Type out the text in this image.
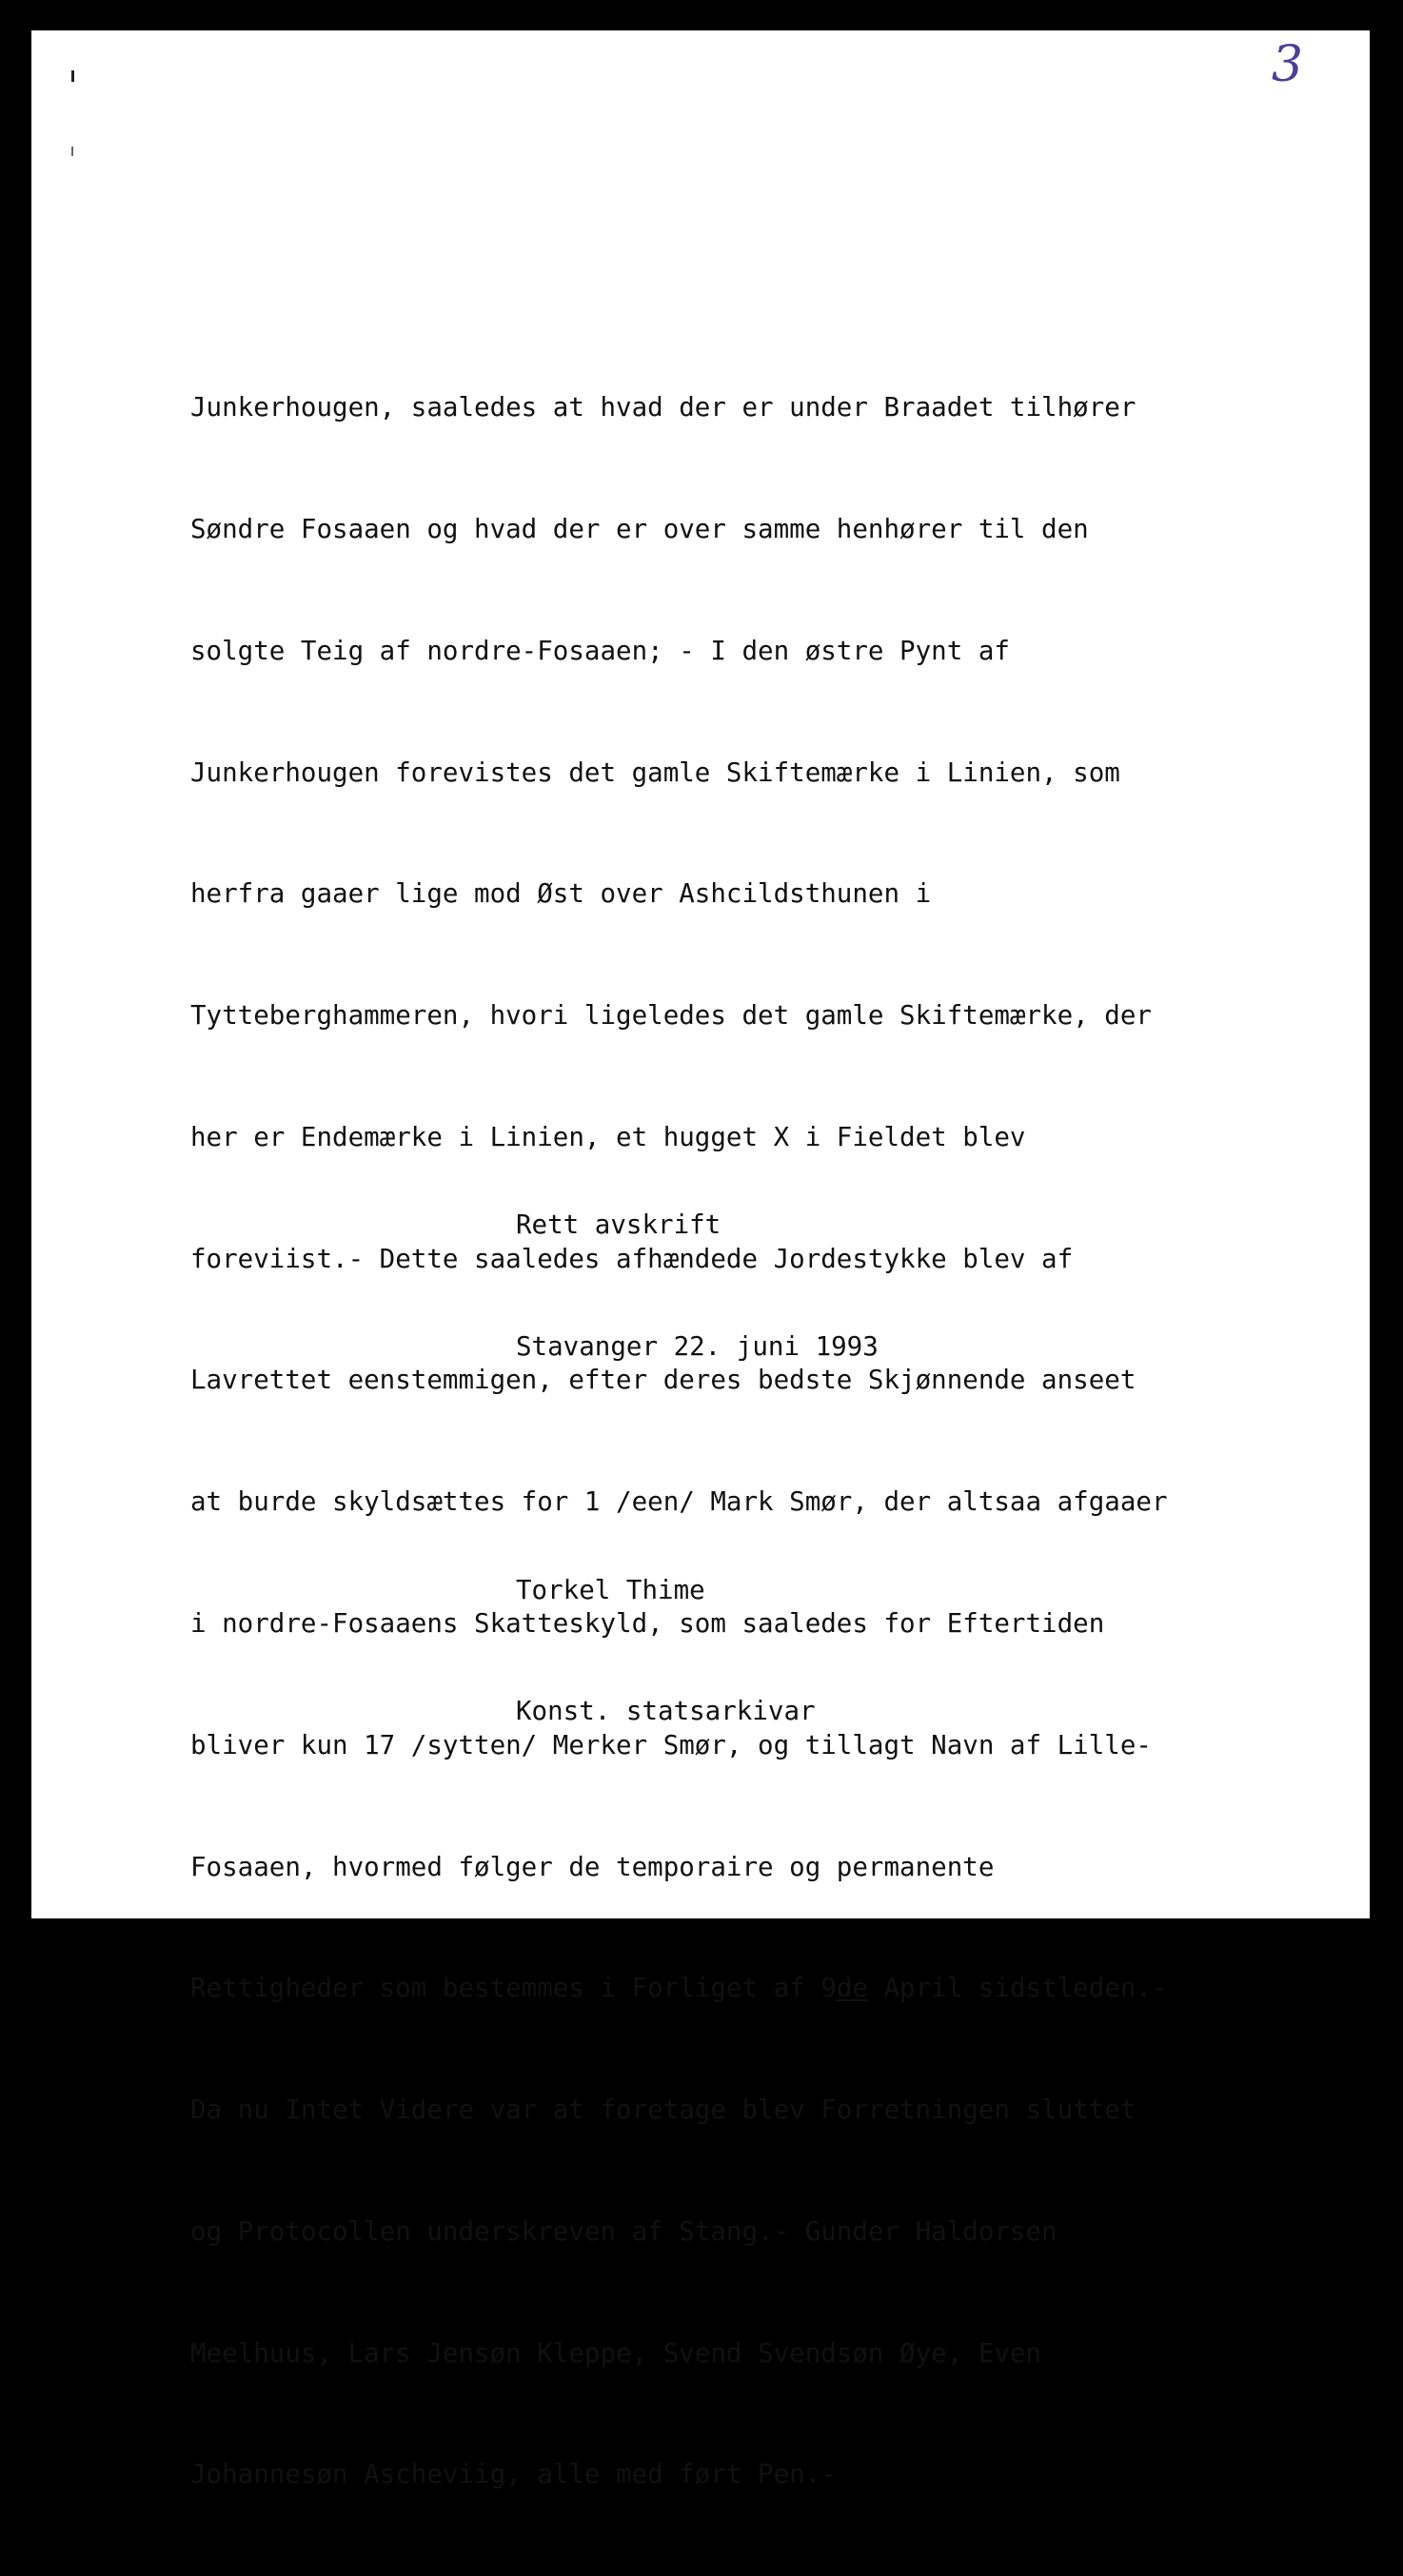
3

Junkerhougen, saaledes at hvad der er under Braadet tilhører

Søndre Fosaaen og hvad der er over samme henhører til den

solgte Teig af nordre-Fosaaen; - I den østre Pynt af

Junkerhougen forevistes det gamle Skiftemærke i Linien, som

herfra gaaer lige mod Øst over Ashcildsthunen i

Tytteberghammeren, hvori ligeledes det gamle Skiftemærke, der

her er Endemærke i Linien, et hugget X i Fieldet blev

foreviist.- Dette saaledes afhændede Jordestykke blev af

Lavrettet eenstemmigen, efter deres bedste Skjønnende anseet

at burde skyldsættes for 1 /een/ Mark Smør, der altsaa afgaaer

i nordre-Fosaaens Skatteskyld, som saaledes for Eftertiden

bliver kun 17 /sytten/ Merker Smør, og tillagt Navn af Lille-

Fosaaen, hvormed følger de temporaire og permanente

Rettigheder som bestemmes i Forliget af 9de April sidstleden.-

Da nu Intet Videre var at foretage blev Forretningen sluttet

og Protocollen underskreven af Stang.- Gunder Haldorsen

Meelhuus, Lars Jensøn Kleppe, Svend Svendsøn Øye, Even

Johannesøn Ascheviig, alle med ført Pen.-

Rett avskrift

Stavanger 22. juni 1993

Torkel Thime

Konst. statsarkivar
